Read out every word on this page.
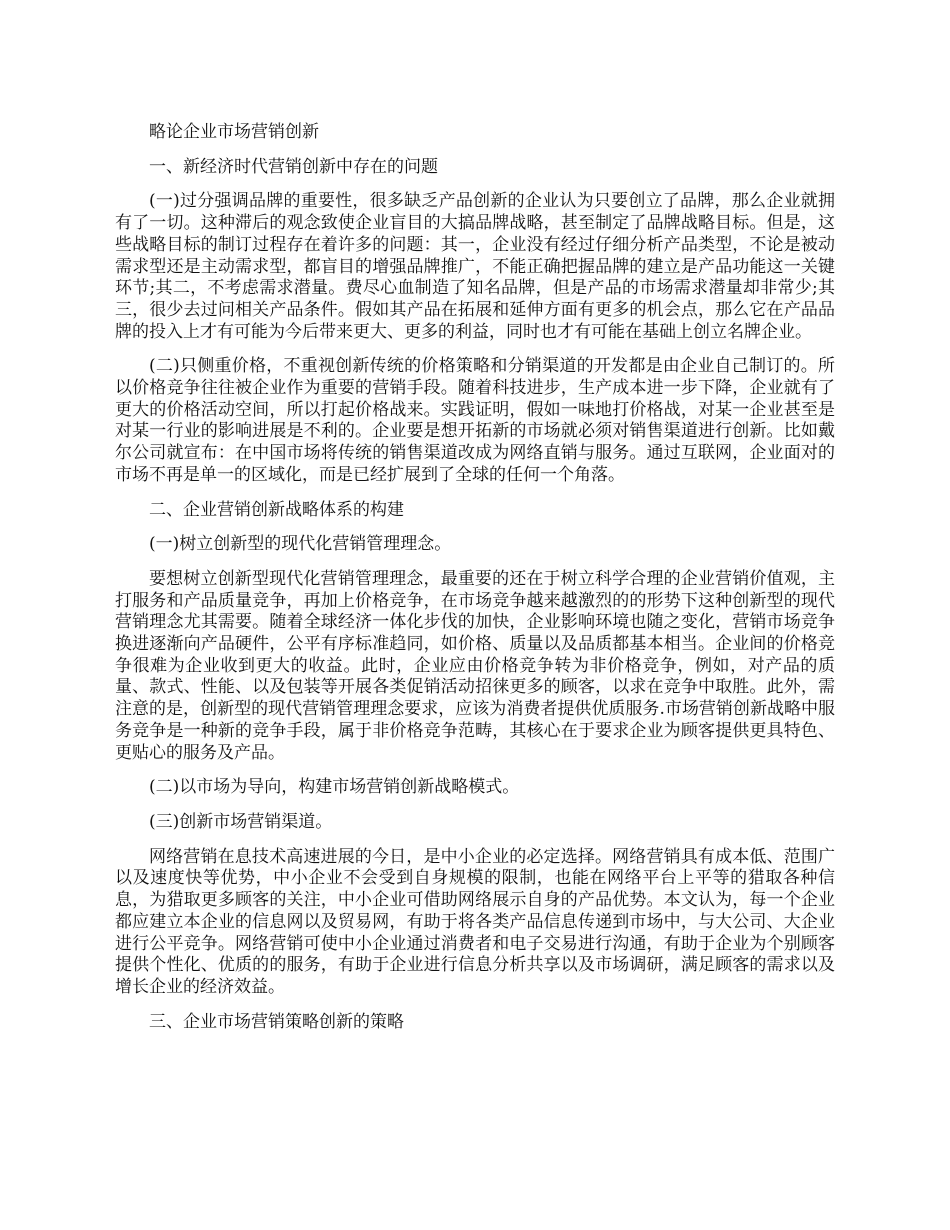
略论企业市场营销创新

一、新经济时代营销创新中存在的问题

(一)过分强调品牌的重要性，很多缺乏产品创新的企业认为只要创立了品牌，那么企业就拥有了一切。这种滞后的观念致使企业盲目的大搞品牌战略，甚至制定了品牌战略目标。但是，这些战略目标的制订过程存在着许多的问题：其一，企业没有经过仔细分析产品类型，不论是被动需求型还是主动需求型，都盲目的增强品牌推广，不能正确把握品牌的建立是产品功能这一关键环节;其二，不考虑需求潜量。费尽心血制造了知名品牌，但是产品的市场需求潜量却非常少;其三，很少去过问相关产品条件。假如其产品在拓展和延伸方面有更多的机会点，那么它在产品品牌的投入上才有可能为今后带来更大、更多的利益，同时也才有可能在基础上创立名牌企业。

(二)只侧重价格，不重视创新传统的价格策略和分销渠道的开发都是由企业自己制订的。所以价格竞争往往被企业作为重要的营销手段。随着科技进步，生产成本进一步下降，企业就有了更大的价格活动空间，所以打起价格战来。实践证明，假如一味地打价格战，对某一企业甚至是对某一行业的影响进展是不利的。企业要是想开拓新的市场就必须对销售渠道进行创新。比如戴尔公司就宣布：在中国市场将传统的销售渠道改成为网络直销与服务。通过互联网，企业面对的市场不再是单一的区域化，而是已经扩展到了全球的任何一个角落。

二、企业营销创新战略体系的构建

(一)树立创新型的现代化营销管理理念。

要想树立创新型现代化营销管理理念，最重要的还在于树立科学合理的企业营销价值观，主打服务和产品质量竞争，再加上价格竞争，在市场竞争越来越激烈的的形势下这种创新型的现代营销理念尤其需要。随着全球经济一体化步伐的加快，企业影响环境也随之变化，营销市场竞争换进逐渐向产品硬件，公平有序标准趋同，如价格、质量以及品质都基本相当。企业间的价格竞争很难为企业收到更大的收益。此时，企业应由价格竞争转为非价格竞争，例如，对产品的质量、款式、性能、以及包装等开展各类促销活动招徕更多的顾客，以求在竞争中取胜。此外，需注意的是，创新型的现代营销管理理念要求，应该为消费者提供优质服务.市场营销创新战略中服务竞争是一种新的竞争手段，属于非价格竞争范畴，其核心在于要求企业为顾客提供更具特色、更贴心的服务及产品。

(二)以市场为导向，构建市场营销创新战略模式。

(三)创新市场营销渠道。

网络营销在息技术高速进展的今日，是中小企业的必定选择。网络营销具有成本低、范围广以及速度快等优势，中小企业不会受到自身规模的限制，也能在网络平台上平等的猎取各种信息，为猎取更多顾客的关注，中小企业可借助网络展示自身的产品优势。本文认为，每一个企业都应建立本企业的信息网以及贸易网，有助于将各类产品信息传递到市场中，与大公司、大企业进行公平竞争。网络营销可使中小企业通过消费者和电子交易进行沟通，有助于企业为个别顾客提供个性化、优质的的服务，有助于企业进行信息分析共享以及市场调研，满足顾客的需求以及增长企业的经济效益。

三、企业市场营销策略创新的策略
